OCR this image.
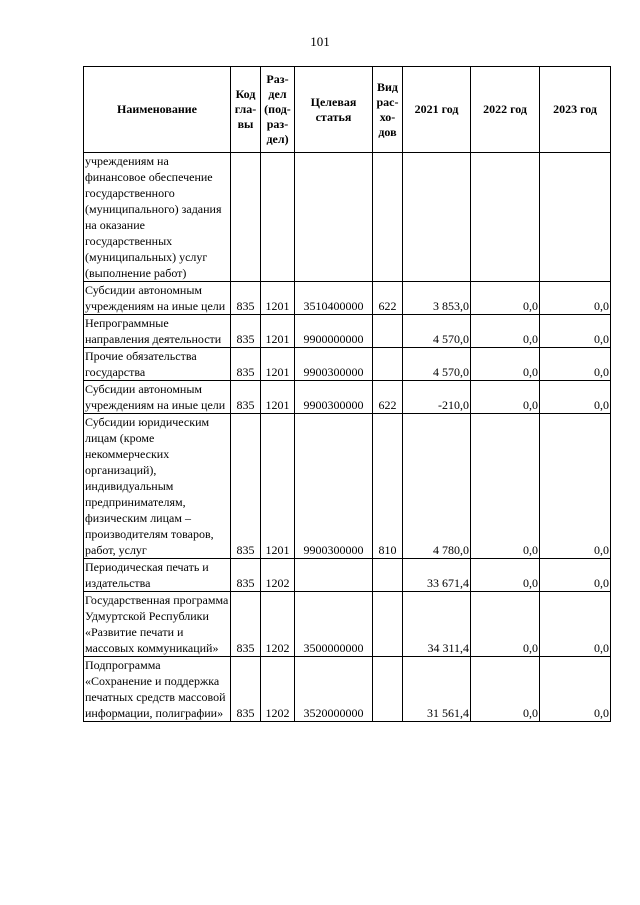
101
Наименование	Код гла-вы	Раз-дел (под-раз-дел)	Целевая статья	Вид рас-хо-дов	2021 год	2022 год	2023 год
учреждениям на финансовое обеспечение государственного (муниципального) задания на оказание государственных (муниципальных) услуг (выполнение работ)							
Субсидии автономным учреждениям на иные цели	835	1201	3510400000	622	3 853,0	0,0	0,0
Непрограммные направления деятельности	835	1201	9900000000		4 570,0	0,0	0,0
Прочие обязательства государства	835	1201	9900300000		4 570,0	0,0	0,0
Субсидии автономным учреждениям на иные цели	835	1201	9900300000	622	-210,0	0,0	0,0
Субсидии юридическим лицам (кроме некоммерческих организаций), индивидуальным предпринимателям, физическим лицам – производителям товаров, работ, услуг	835	1201	9900300000	810	4 780,0	0,0	0,0
Периодическая печать и издательства	835	1202			33 671,4	0,0	0,0
Государственная программа Удмуртской Республики «Развитие печати и массовых коммуникаций»	835	1202	3500000000		34 311,4	0,0	0,0
Подпрограмма «Сохранение и поддержка печатных средств массовой информации, полиграфии»	835	1202	3520000000		31 561,4	0,0	0,0
